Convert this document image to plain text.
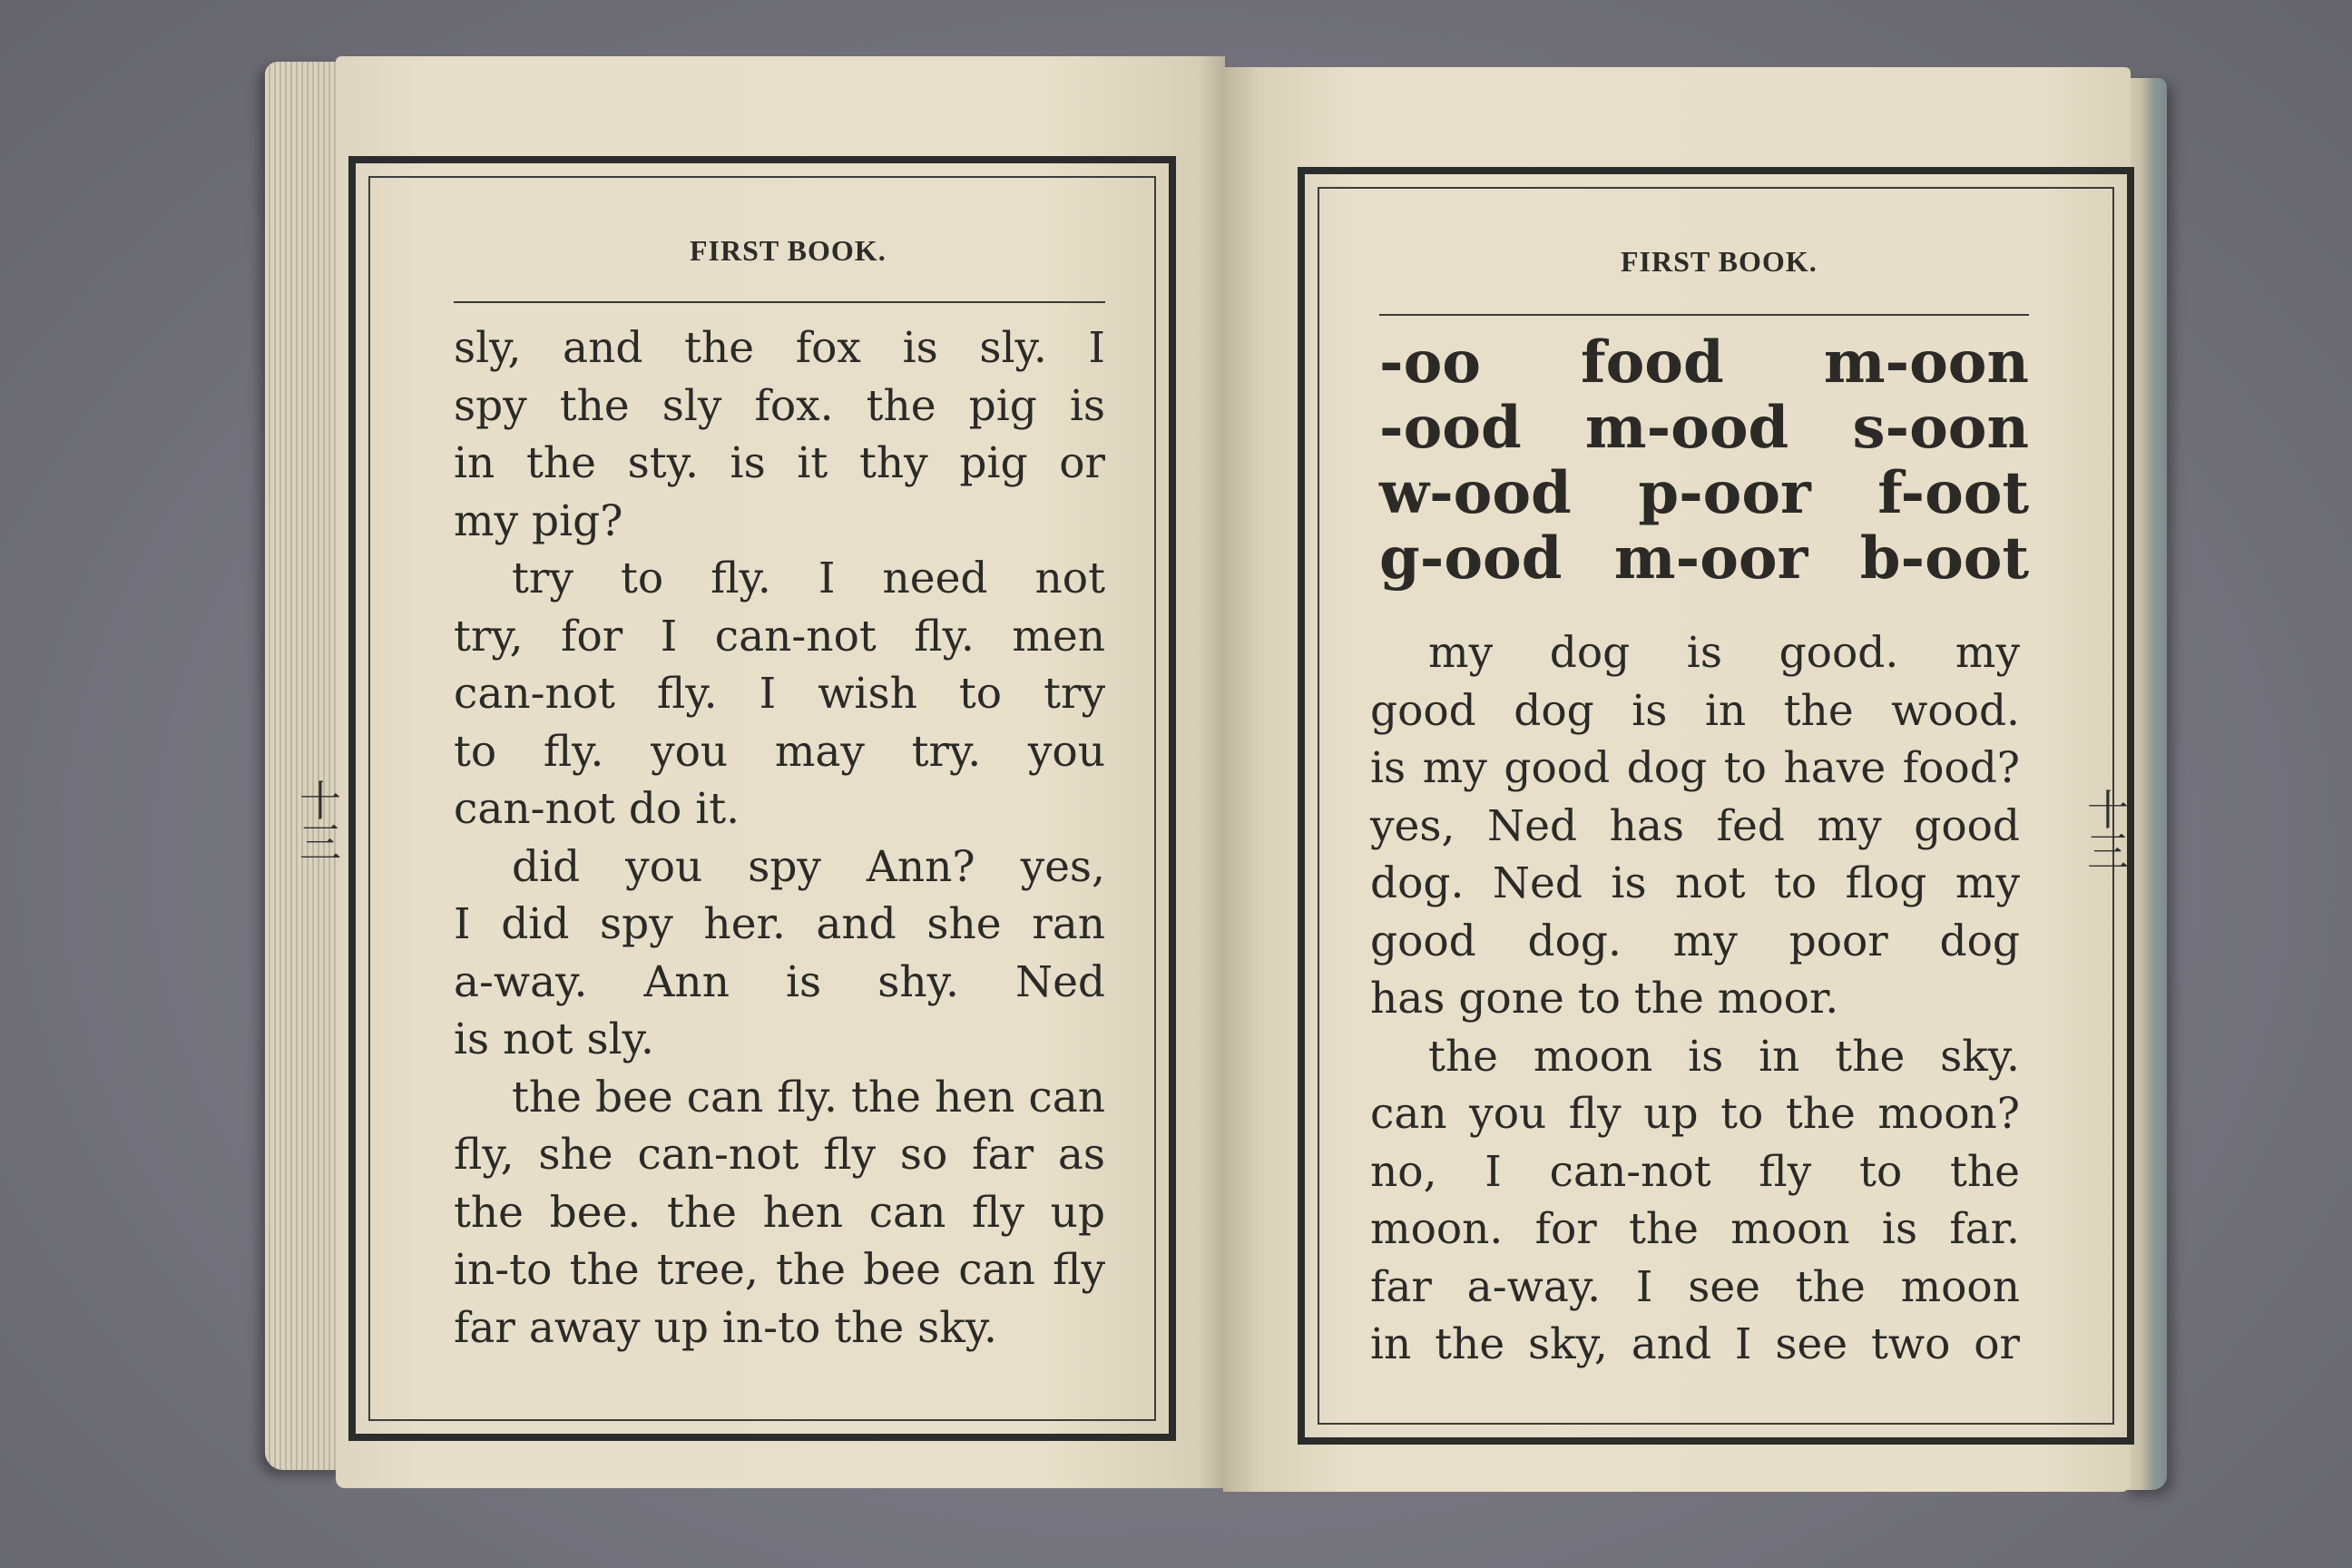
FIRST BOOK.
sly, and the fox is sly. I
spy the sly fox. the pig is
in the sty. is it thy pig or
my pig?
try to fly. I need not
try, for I can-not fly. men
can-not fly. I wish to try
to fly. you may try. you
can-not do it.
did you spy Ann? yes,
I did spy her. and she ran
a-way. Ann is shy. Ned
is not sly.
the bee can fly. the hen can
fly, she can-not fly so far as
the bee. the hen can fly up
in-to the tree, the bee can fly
far away up in-to the sky.
FIRST BOOK.
-oo food m-oon
-ood m-ood s-oon
w-ood p-oor f-oot
g-ood m-oor b-oot
my dog is good. my
good dog is in the wood.
is my good dog to have food?
yes, Ned has fed my good
dog. Ned is not to flog my
good dog. my poor dog
has gone to the moor.
the moon is in the sky.
can you fly up to the moon?
no, I can-not fly to the
moon. for the moon is far.
far a-way. I see the moon
in the sky, and I see two or
十
三
十
三
